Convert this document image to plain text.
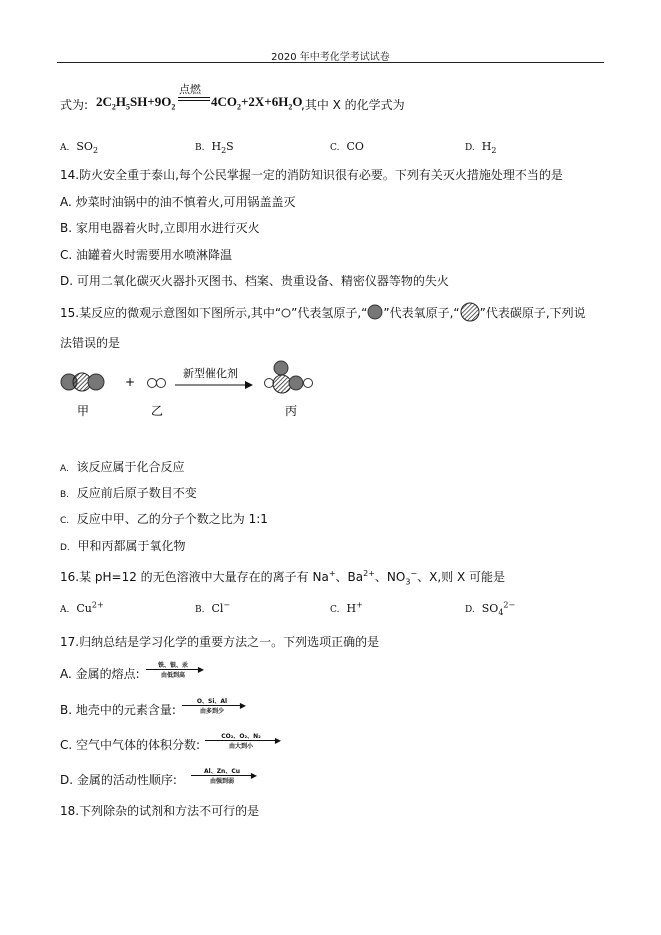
2020 年中考化学考试试卷
式为: $2C_2H_5SH+9O_2$
点燃
$4CO_2+2X+6H_2O$
,其中 X 的化学式为
A. $SO_2$	B. $H_2S$	C. CO	D. $H_2$
14.防火安全重于泰山,每个公民掌握一定的消防知识很有必要。下列有关灭火措施处理不当的是
A. 炒菜时油锅中的油不慎着火,可用锅盖盖灭
B. 家用电器着火时,立即用水进行灭火
C. 油罐着火时需要用水喷淋降温
D. 可用二氧化碳灭火器扑灭图书、档案、贵重设备、精密仪器等物的失火
15.某反应的微观示意图如下图所示,其中“ ”代表氢原子,“ ”代表氧原子,“ ”代表碳原子,下列说
法错误的是
+
新型催化剂
甲	乙	丙
A. 该反应属于化合反应
B. 反应前后原子数目不变
C. 反应中甲、乙的分子个数之比为 1:1
D. 甲和丙都属于氧化物
16.某 pH=12 的无色溶液中大量存在的离子有 Na+、$Ba^{2+}$、$NO_3^-$、X,则 X 可能是
A. $Cu^{2+}$
B. Cl−
C. H+
D. $SO_4^{2-}$
17.归纳总结是学习化学的重要方法之一。下列选项正确的是
A. 金属的熔点:
铁、银、汞	▶
由低到高
B. 地壳中的元素含量:
O、Si、Al	▶
由多到少
C. 空气中气体的体积分数:
CO₂、O₂、N₂	▶
由大到小
D. 金属的活动性顺序:
Al、Zn、Cu	▶
由强到弱
18.下列除杂的试剂和方法不可行的是
